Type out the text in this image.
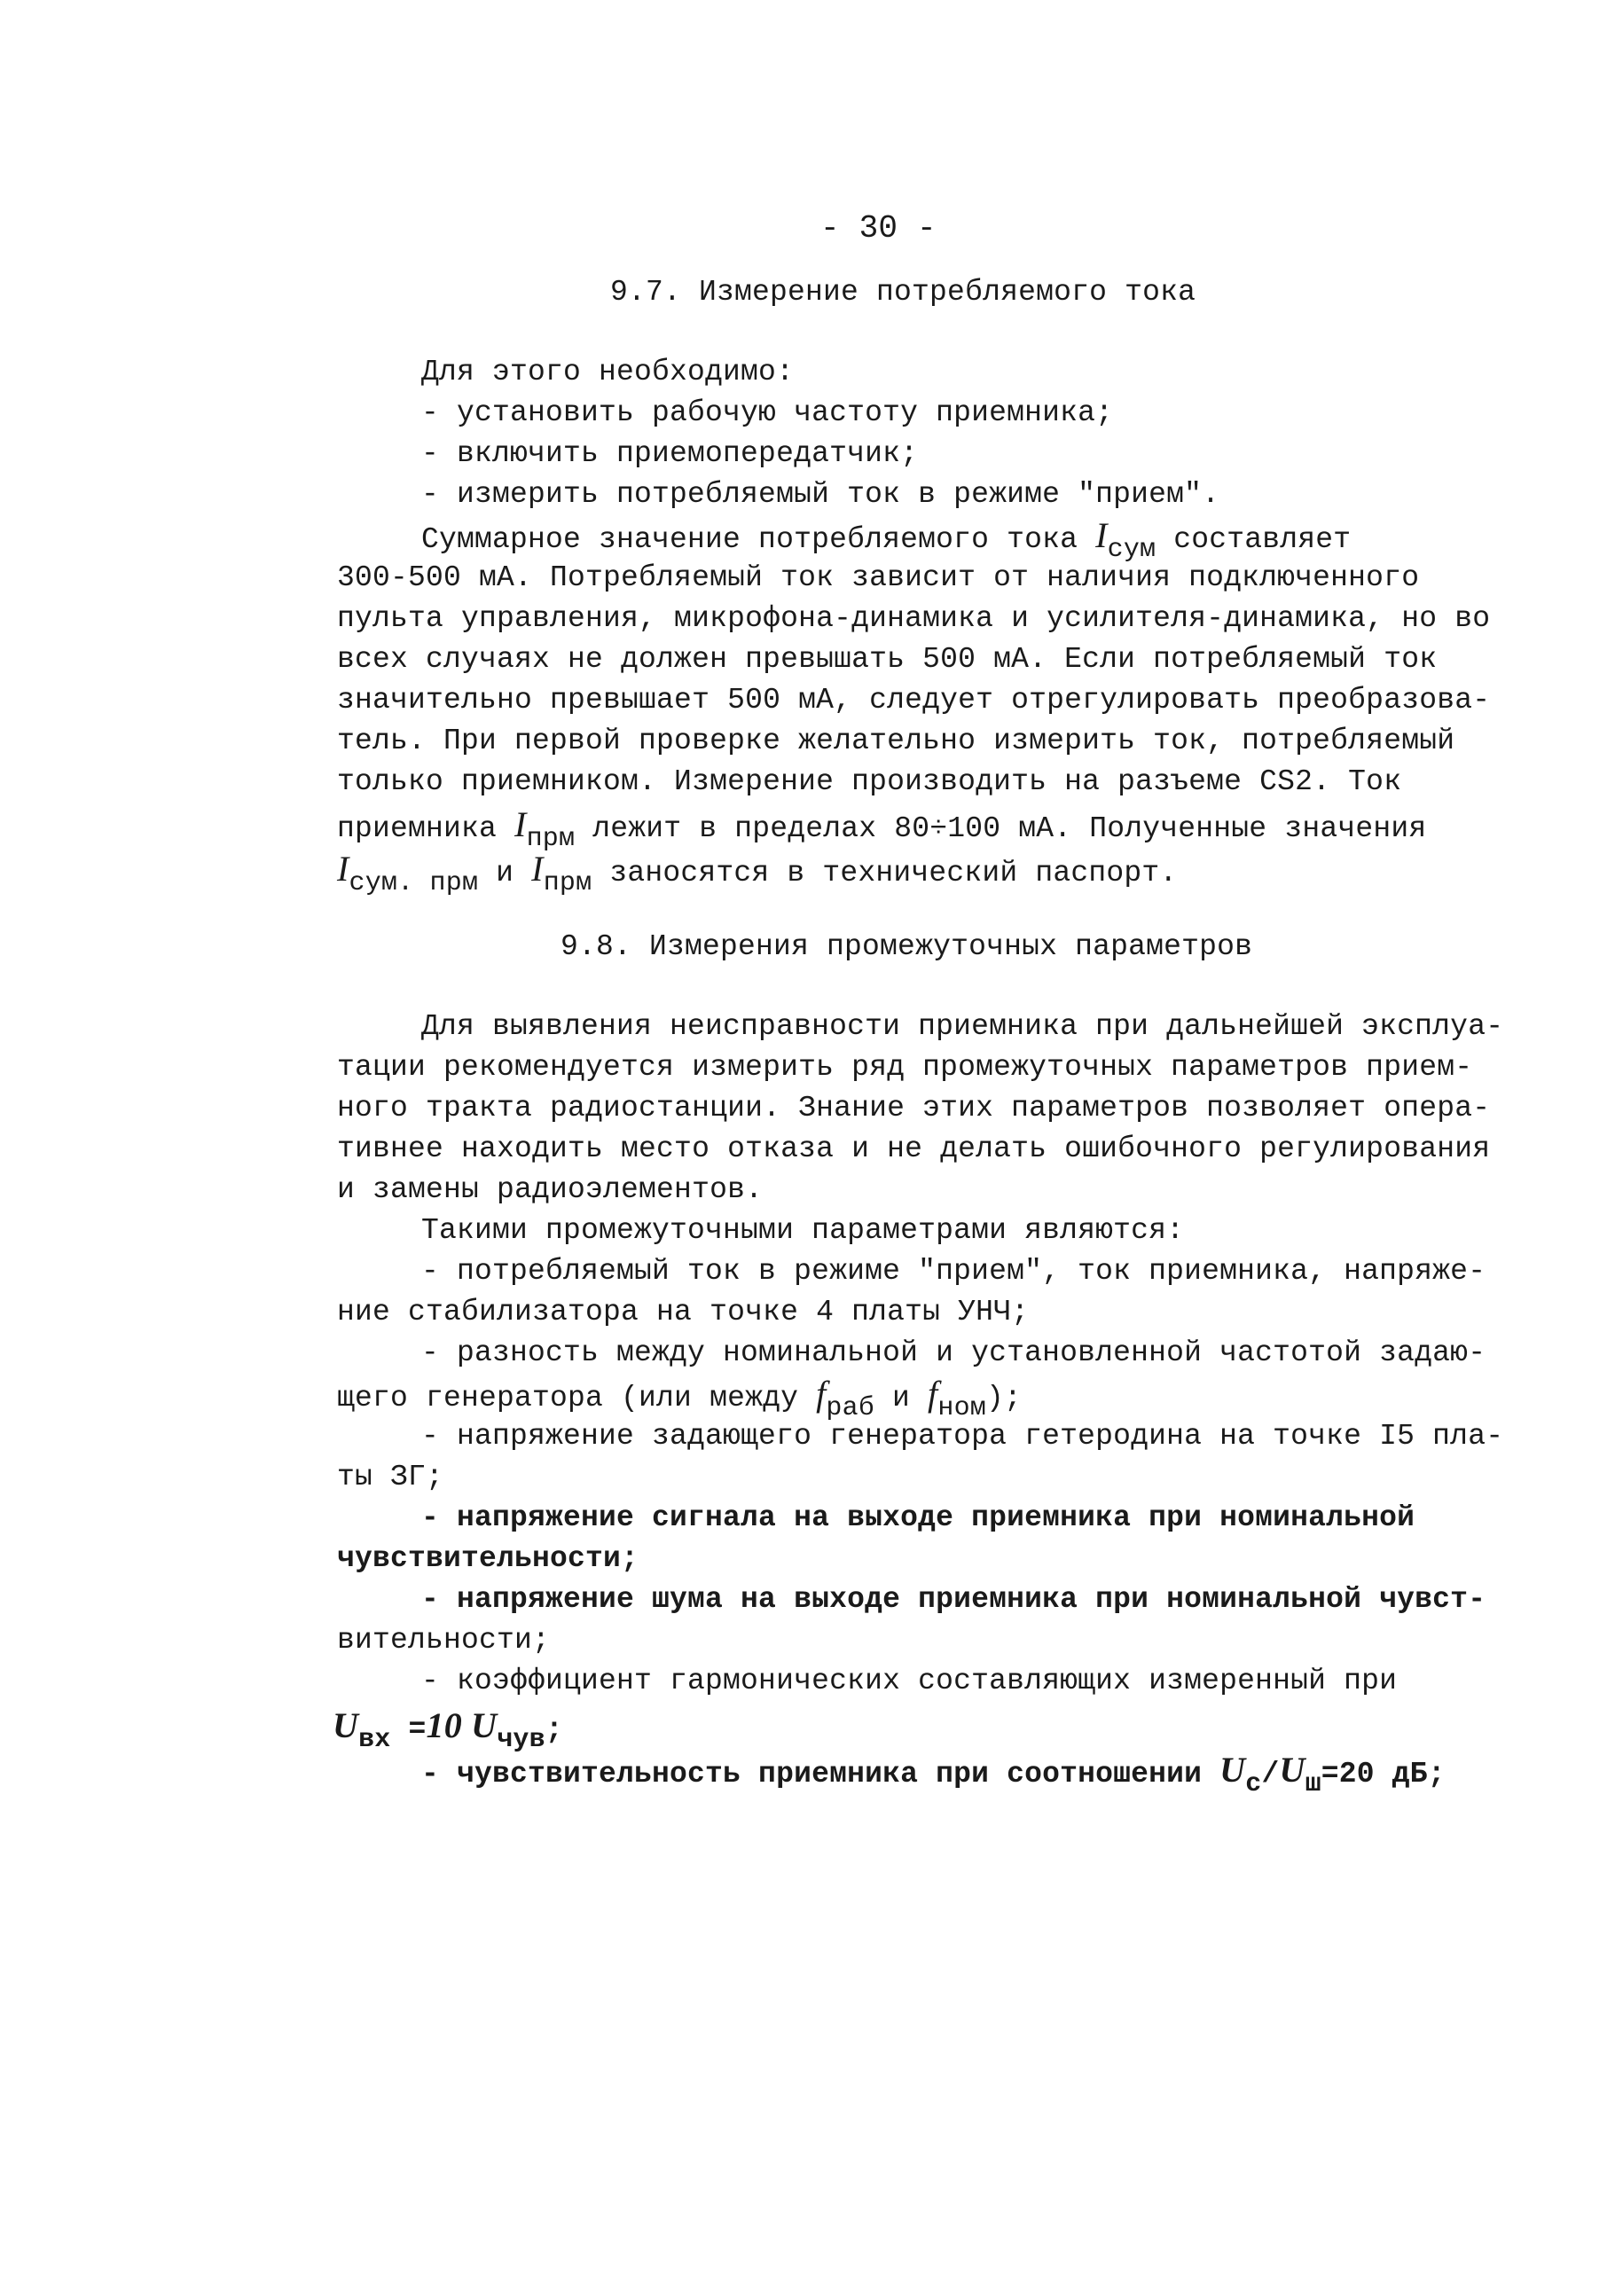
- 30 -
9.7. Измерение потребляемого тока
Для этого необходимо:
- установить рабочую частоту приемника;
- включить приемопередатчик;
- измерить потребляемый ток в режиме "прием".
Суммарное значение потребляемого тока $I_{сум}$ составляет
300-500 мА. Потребляемый ток зависит от наличия подключенного
пульта управления, микрофона-динамика и усилителя-динамика, но во
всех случаях не должен превышать 500 мА. Если потребляемый ток
значительно превышает 500 мА, следует отрегулировать преобразова-
тель. При первой проверке желательно измерить ток, потребляемый
только приемником. Измерение производить на разъеме CS2. Ток
приемника $I_{прм}$ лежит в пределах 80÷100 мА. Полученные значения
$I_{сум. прм}$ и $I_{прм}$ заносятся в технический паспорт.
9.8. Измерения промежуточных параметров
Для выявления неисправности приемника при дальнейшей эксплуа-
тации рекомендуется измерить ряд промежуточных параметров прием-
ного тракта радиостанции. Знание этих параметров позволяет опера-
тивнее находить место отказа и не делать ошибочного регулирования
и замены радиоэлементов.
Такими промежуточными параметрами являются:
- потребляемый ток в режиме "прием", ток приемника, напряже-
ние стабилизатора на точке 4 платы УНЧ;
- разность между номинальной и установленной частотой задаю-
щего генератора (или между $f_{раб}$ и $f_{ном}$);
- напряжение задающего генератора гетеродина на точке I5 пла-
ты ЗГ;
- напряжение сигнала на выходе приемника при номинальной
чувствительности;
- напряжение шума на выходе приемника при номинальной чувст-
вительности;
- коэффициент гармонических составляющих измеренный при
$U_{вх} =10$ $U_{чув}$;
- чувствительность приемника при соотношении $U_c/U_ш=20$ дБ;
